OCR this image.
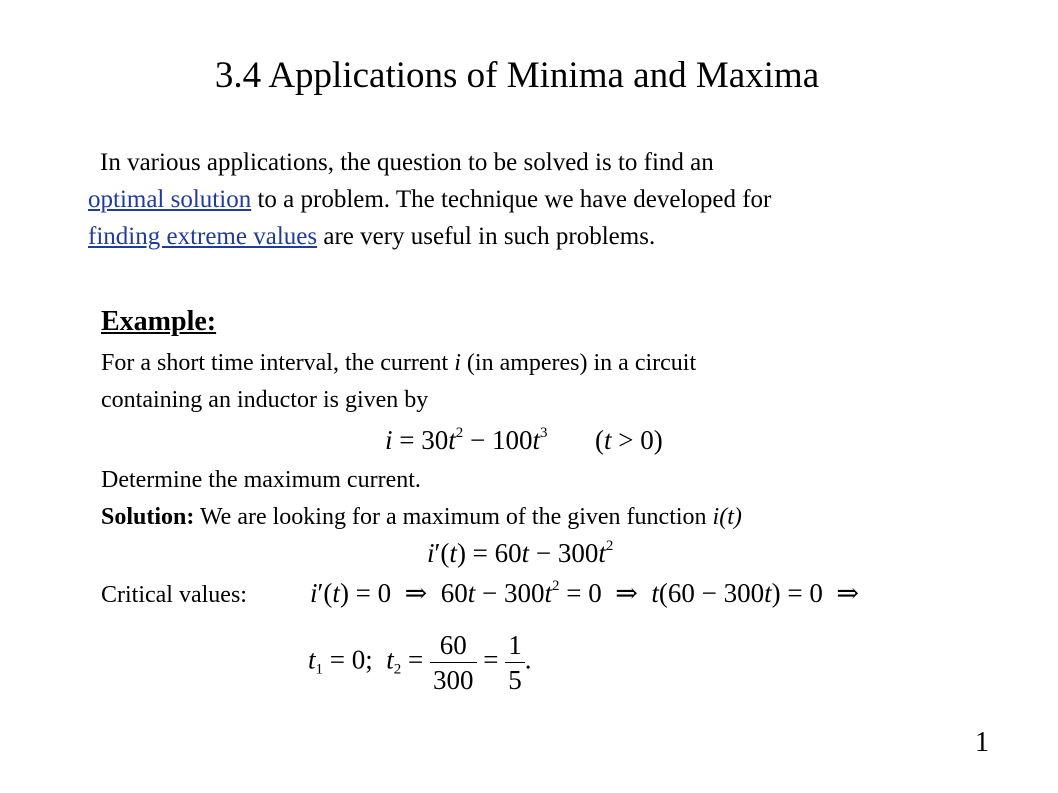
3.4 Applications of Minima and Maxima
In various applications, the question to be solved is to find an
optimal solution to a problem. The technique we have developed for
finding extreme values are very useful in such problems.
Example:
For a short time interval, the current i (in amperes) in a circuit
containing an inductor is given by
$i = 30t^2 - 100t^3$ (t > 0)
Determine the maximum current.
Solution: We are looking for a maximum of the given function i(t)
$i'(t) = 60t - 300t^2$
Critical values: i′(t) = 0  ⇒  $60t - 300t^2 = 0$  ⇒  t(60 − 300t) = 0  ⇒
$t_1 = 0$;  $t_2 = \frac{60}{300} = \frac{1}{5}$ .
1
